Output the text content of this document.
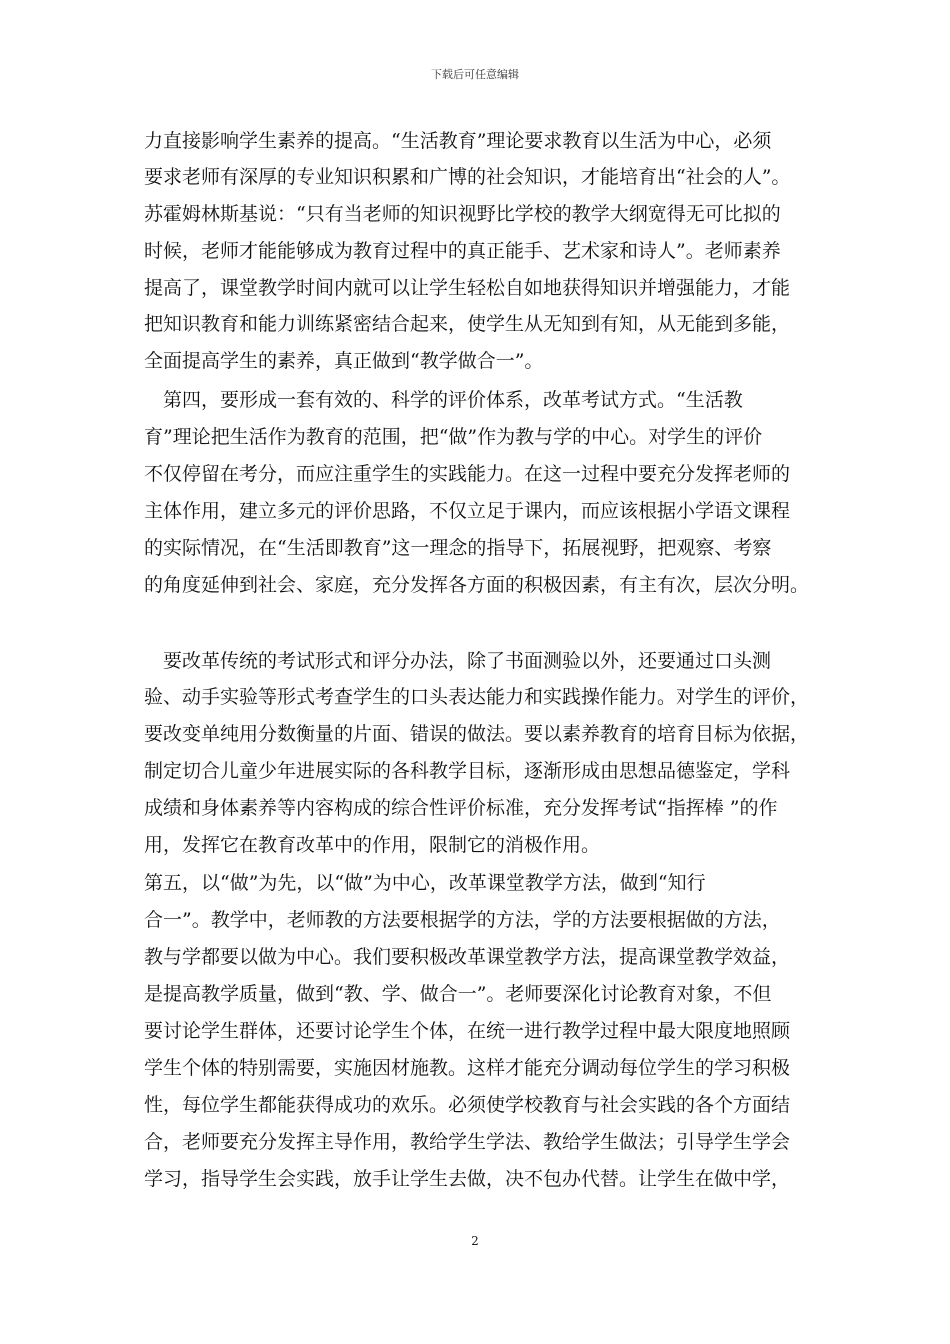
下载后可任意编辑
力直接影响学生素养的提高。“生活教育”理论要求教育以生活为中心，必须
要求老师有深厚的专业知识积累和广博的社会知识，才能培育出“社会的人”。
苏霍姆林斯基说：“只有当老师的知识视野比学校的教学大纲宽得无可比拟的
时候，老师才能能够成为教育过程中的真正能手、艺术家和诗人”。老师素养
提高了，课堂教学时间内就可以让学生轻松自如地获得知识并增强能力，才能
把知识教育和能力训练紧密结合起来，使学生从无知到有知，从无能到多能，
全面提高学生的素养，真正做到“教学做合一”。
　第四，要形成一套有效的、科学的评价体系，改革考试方式。“生活教
育”理论把生活作为教育的范围，把“做”作为教与学的中心。对学生的评价
不仅停留在考分，而应注重学生的实践能力。在这一过程中要充分发挥老师的
主体作用，建立多元的评价思路，不仅立足于课内，而应该根据小学语文课程
的实际情况，在“生活即教育”这一理念的指导下，拓展视野，把观察、考察
的角度延伸到社会、家庭，充分发挥各方面的积极因素，有主有次，层次分明。
　要改革传统的考试形式和评分办法，除了书面测验以外，还要通过口头测
验、动手实验等形式考查学生的口头表达能力和实践操作能力。对学生的评价，
要改变单纯用分数衡量的片面、错误的做法。要以素养教育的培育目标为依据，
制定切合儿童少年进展实际的各科教学目标，逐渐形成由思想品德鉴定，学科
成绩和身体素养等内容构成的综合性评价标准，充分发挥考试“指挥棒 ”的作
用，发挥它在教育改革中的作用，限制它的消极作用。
第五，以“做”为先，以“做”为中心，改革课堂教学方法，做到“知行
合一”。教学中，老师教的方法要根据学的方法，学的方法要根据做的方法，
教与学都要以做为中心。我们要积极改革课堂教学方法，提高课堂教学效益，
是提高教学质量，做到“教、学、做合一”。老师要深化讨论教育对象，不但
要讨论学生群体，还要讨论学生个体，在统一进行教学过程中最大限度地照顾
学生个体的特别需要，实施因材施教。这样才能充分调动每位学生的学习积极
性，每位学生都能获得成功的欢乐。必须使学校教育与社会实践的各个方面结
合，老师要充分发挥主导作用，教给学生学法、教给学生做法；引导学生学会
学习，指导学生会实践，放手让学生去做，决不包办代替。让学生在做中学，
2
